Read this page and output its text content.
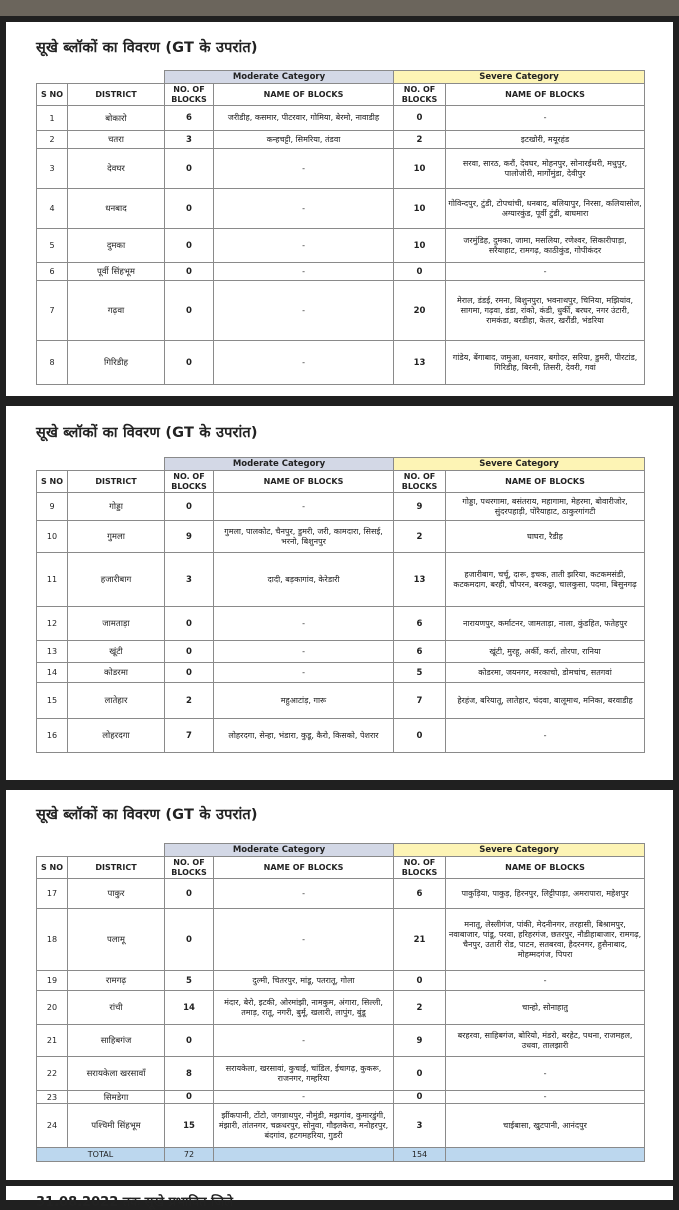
सूखे ब्लॉकों का विवरण (GT के उपरांत)
		Moderate Category		Severe Category	
S NO	DISTRICT	NO. OF BLOCKS	NAME OF BLOCKS	NO. OF BLOCKS	NAME OF BLOCKS
1	बोकारो	6	जरीडीह, कसमार, पीटरवार, गोमिया, बेरमो, नावाडीह	0	-
2	चतरा	3	कन्हचट्टी, सिमरिया, तंडवा	2	इटखोरी, मयूरहंड
3	देवघर	0	-	10	सरवा, सारठ, करौं, देवघर, मोहनपुर, सोनारईथरी, मधुपुर, पालोजोरी, मार्गोमुंडा, देवीपुर
4	धनबाद	0	-	10	गोविन्दपुर, टुंडी, टोपचांची, धनबाद, बलियापुर, निरसा, कलियासोल, अग्यारकुंड, पूर्वी टुंडी, बाघमारा
5	दुमका	0	-	10	जरमुंडिह, दुमका, जामा, मसलिया, रणेश्वर, सिकारीपाड़ा, सरैयाहाट, रामगढ़, काठीकुंड, गोपीकंदर
6	पूर्वी सिंहभूम	0	-	0	-
7	गढ़वा	0	-	20	मेराल, डंडई, रमना, बिशुनपुरा, भवनाथपुर, चिनिया, मझियांव, सागमा, गढ़वा, डंडा, रांको, कंडी, धुर्की, बरघर, नगर उंटारी, रामकंडा, बरडीहा, केतर, खरौंडी, भंडरिया
8	गिरिडीह	0	-	13	गांडेय, बेंगाबाद, जमुआ, धनवार, बगोदर, सरिया, डुमरी, पीरटांड, गिरिडीह, बिरनी, तिसरी, देवरी, गवां
सूखे ब्लॉकों का विवरण (GT के उपरांत)
		Moderate Category		Severe Category	
S NO	DISTRICT	NO. OF BLOCKS	NAME OF BLOCKS	NO. OF BLOCKS	NAME OF BLOCKS
9	गोड्डा	0	-	9	गोड्डा, पथरगामा, बसंतराय, महागामा, मेहरमा, बोवारीजोर, सुंदरपहाड़ी, पोरैयाहाट, ठाकुरगांगटी
10	गुमला	9	गुमला, पालकोट, चैनपुर, डुमरी, जरी, कामदारा, सिसई, भरनो, बिशुनपुर	2	घाघरा, रैडीह
11	हजारीबाग	3	दादी, बड़कागांव, केरेडारी	13	हजारीबाग, चर्चू, दारू, इचक, ताती झरिया, कटकमसंडी, कटकमदाग, बरही, चौपरन, बरकट्ठा, चालकुसा, पदमा, बिसुनगढ़
12	जामताड़ा	0	-	6	नारायणपुर, कर्माटनर, जामताड़ा, नाला, कुंडहित, फतेहपुर
13	खूंटी	0	-	6	खूंटी, मुरहू, अर्की, कर्रा, तोरपा, रानिया
14	कोडरमा	0	-	5	कोडरमा, जयनगर, मरकाचो, डोमचांच, सतगवां
15	लातेहार	2	महुआटांड़, गारू	7	हेरहंज, बरियातू, लातेहार, चंदवा, बालूमाथ, मनिका, बरवाडीह
16	लोहरदगा	7	लोहरदगा, सेन्हा, भंडारा, कुडू, कैरो, किसको, पेशरार	0	-
सूखे ब्लॉकों का विवरण (GT के उपरांत)
		Moderate Category		Severe Category	
S NO	DISTRICT	NO. OF BLOCKS	NAME OF BLOCKS	NO. OF BLOCKS	NAME OF BLOCKS
17	पाकुर	0	-	6	पाकुड़िया, पाकुड़, हिरनपुर, लिट्टीपाड़ा, अमरापारा, महेशपुर
18	पलामू	0	-	21	मनातू, लेस्लीगंज, पांकी, मेदनीनगर, तरहासी, बिश्रामपुर, नवाबाजार, पांडू, परवा, हरिहरगंज, छतरपुर, नौडीहाबाजार, रामगढ़, चैनपुर, उतारी रोड, पाटन, सतबरवा, हैदरनगर, हुसैनाबाद, मोहम्मदगंज, पिपरा
19	रामगढ़	5	दुल्मी, चितरपुर, मांडू, पतरातू, गोला	0	-
20	रांची	14	मंदार, बेरो, इटकी, ओरमांझी, नामकुम, अंगारा, सिल्ली, तमाड़, रातू, नगरी, बुर्मू, खलारी, लापुंग, बुंडू	2	चान्हो, सोनाहातु
21	साहिबगंज	0	-	9	बरहरवा, साहिबगंज, बोरियो, मंडरो, बरहेट, पथना, राजमहल, उधवा, तालझारी
22	सरायकेला खरसावाँ	8	सरायकेला, खरसावां, कुचाई, चांडिल, ईचागढ़, कुकरू, राजनगर, गम्हरिया	0	-
23	सिमडेगा	0	-	0	-
24	पश्चिमी सिंहभूम	15	झींकपानी, टोंटो, जगन्नाथपुर, नौमुंडी, मझगांव, कुमारडुंगी, मंझारी, तांतनगर, चक्रधरपुर, सोनुवा, गौइलकेरा, मनोहरपुर, बंदगांव, हटगमहरिया, गुडरी	3	चाईबासा, खुटपानी, आनंदपुर
TOTAL		72		154	
31.08.2022 तक सूखे प्रभावित जिले
